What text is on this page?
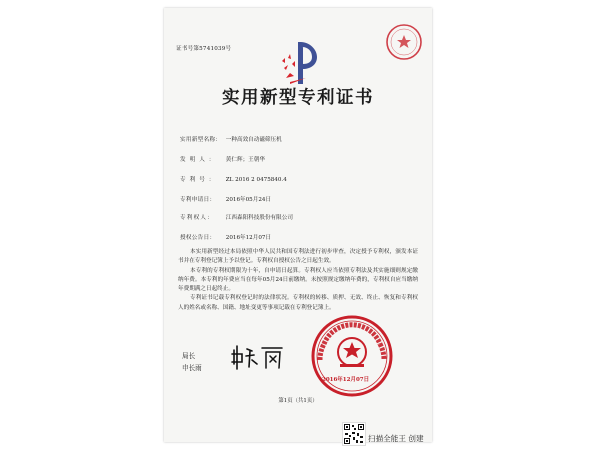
证书号第5741039号
实用新型专利证书
实用新型名称： 一种高效自动磁筛压机
发明人： 黄仁辉；王朝华
专利号： ZL 2016 2 0475840.4
专利申请日： 2016年05月24日
专利权人： 江西森阳科技股份有限公司
授权公告日： 2016年12月07日

本实用新型经过本局依照中华人民共和国专利法进行初步审查，决定授予专利权，颁发本证书并在专利登记簿上予以登记。专利权自授权公告之日起生效。

本专利的专利权期限为十年，自申请日起算。专利权人应当依照专利法及其实施细则规定缴纳年费。本专利的年费应当在每年05月24日前缴纳。未按照规定缴纳年费的，专利权自应当缴纳年费期满之日起终止。

专利证书记载专利权登记时的法律状况。专利权的转移、质押、无效、终止、恢复和专利权人的姓名或名称、国籍、地址变更等事项记载在专利登记簿上。

局长
申长雨
2016年12月07日
第1页（共1页）
扫描全能王 创建
